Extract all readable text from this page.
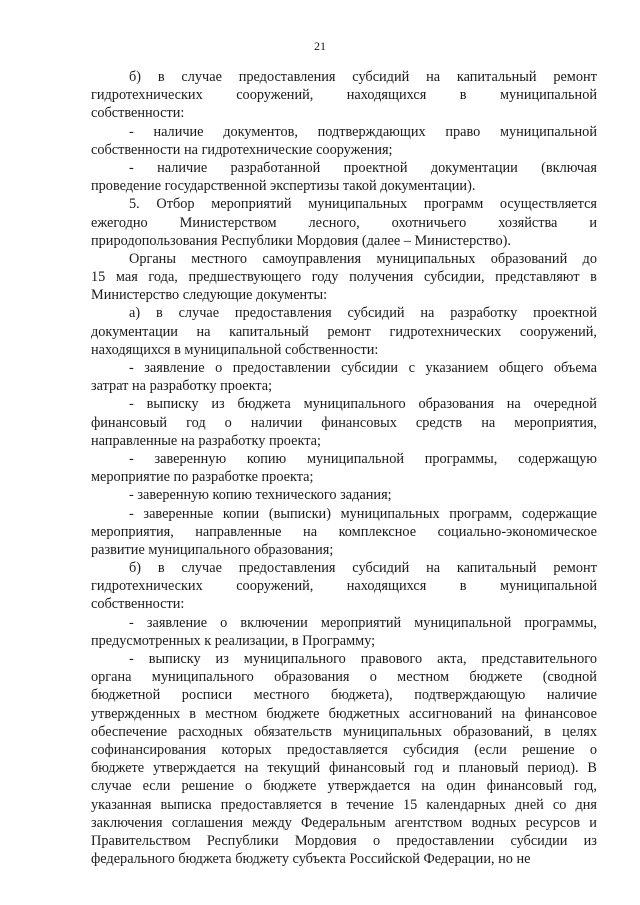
21
б) в случае предоставления субсидий на капитальный ремонт
гидротехнических сооружений, находящихся в муниципальной
собственности:
- наличие документов, подтверждающих право муниципальной
собственности на гидротехнические сооружения;
- наличие разработанной проектной документации (включая
проведение государственной экспертизы такой документации).
5. Отбор мероприятий муниципальных программ осуществляется
ежегодно Министерством лесного, охотничьего хозяйства и
природопользования Республики Мордовия (далее – Министерство).
Органы местного самоуправления муниципальных образований до
15 мая года, предшествующего году получения субсидии, представляют в
Министерство следующие документы:
а) в случае предоставления субсидий на разработку проектной
документации на капитальный ремонт гидротехнических сооружений,
находящихся в муниципальной собственности:
- заявление о предоставлении субсидии с указанием общего объема
затрат на разработку проекта;
- выписку из бюджета муниципального образования на очередной
финансовый год о наличии финансовых средств на мероприятия,
направленные на разработку проекта;
- заверенную копию муниципальной программы, содержащую
мероприятие по разработке проекта;
- заверенную копию технического задания;
- заверенные копии (выписки) муниципальных программ, содержащие
мероприятия, направленные на комплексное социально-экономическое
развитие муниципального образования;
б) в случае предоставления субсидий на капитальный ремонт
гидротехнических сооружений, находящихся в муниципальной
собственности:
- заявление о включении мероприятий муниципальной программы,
предусмотренных к реализации, в Программу;
- выписку из муниципального правового акта, представительного
органа муниципального образования о местном бюджете (сводной
бюджетной росписи местного бюджета), подтверждающую наличие
утвержденных в местном бюджете бюджетных ассигнований на финансовое
обеспечение расходных обязательств муниципальных образований, в целях
софинансирования которых предоставляется субсидия (если решение о
бюджете утверждается на текущий финансовый год и плановый период). В
случае если решение о бюджете утверждается на один финансовый год,
указанная выписка предоставляется в течение 15 календарных дней со дня
заключения соглашения между Федеральным агентством водных ресурсов и
Правительством Республики Мордовия о предоставлении субсидии из
федерального бюджета бюджету субъекта Российской Федерации, но не
